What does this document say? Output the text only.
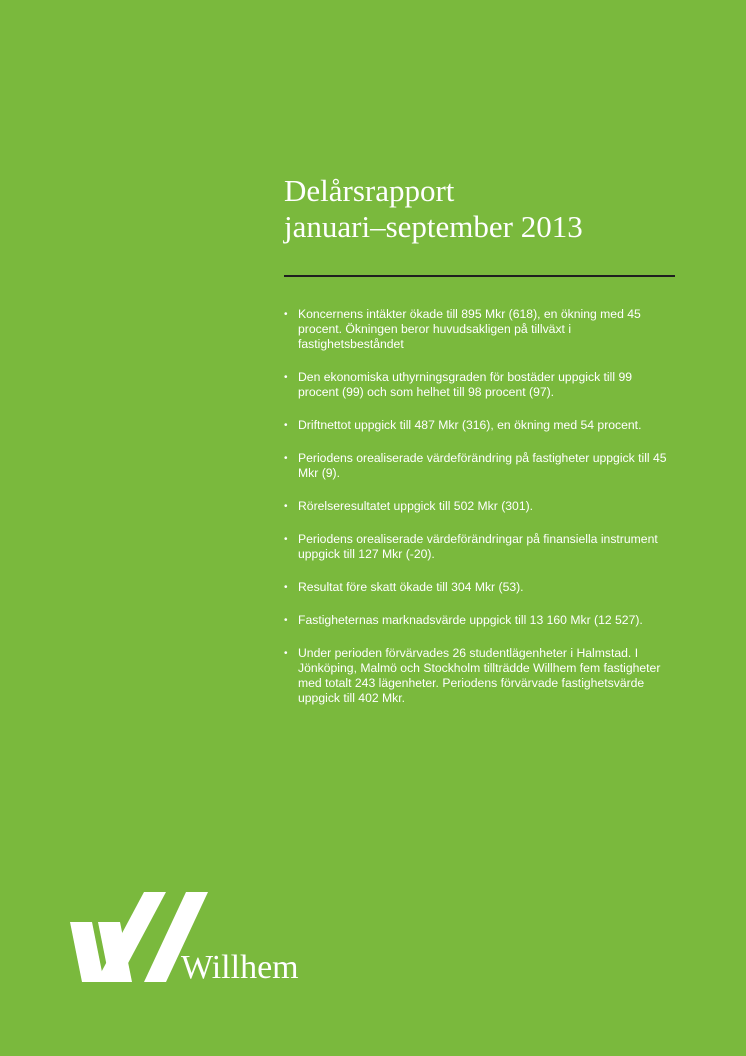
Delårsrapport
januari–september 2013
• Koncernens intäkter ökade till 895 Mkr (618), en ökning med 45 procent. Ökningen beror huvudsakligen på tillväxt i fastighetsbeståndet
• Den ekonomiska uthyrningsgraden för bostäder uppgick till 99 procent (99) och som helhet till 98 procent (97).
• Driftnettot uppgick till 487 Mkr (316), en ökning med 54 procent.
• Periodens orealiserade värdeförändring på fastigheter uppgick till 45 Mkr (9).
• Rörelseresultatet uppgick till 502 Mkr (301).
• Periodens orealiserade värdeförändringar på finansiella instrument uppgick till 127 Mkr (-20).
• Resultat före skatt ökade till 304 Mkr (53).
• Fastigheternas marknadsvärde uppgick till 13 160 Mkr (12 527).
• Under perioden förvärvades 26 studentlägenheter i Halmstad. I Jönköping, Malmö och Stockholm tillträdde Willhem fem fastigheter med totalt 243 lägenheter. Periodens förvärvade fastighetsvärde uppgick till 402 Mkr.
Willhem
